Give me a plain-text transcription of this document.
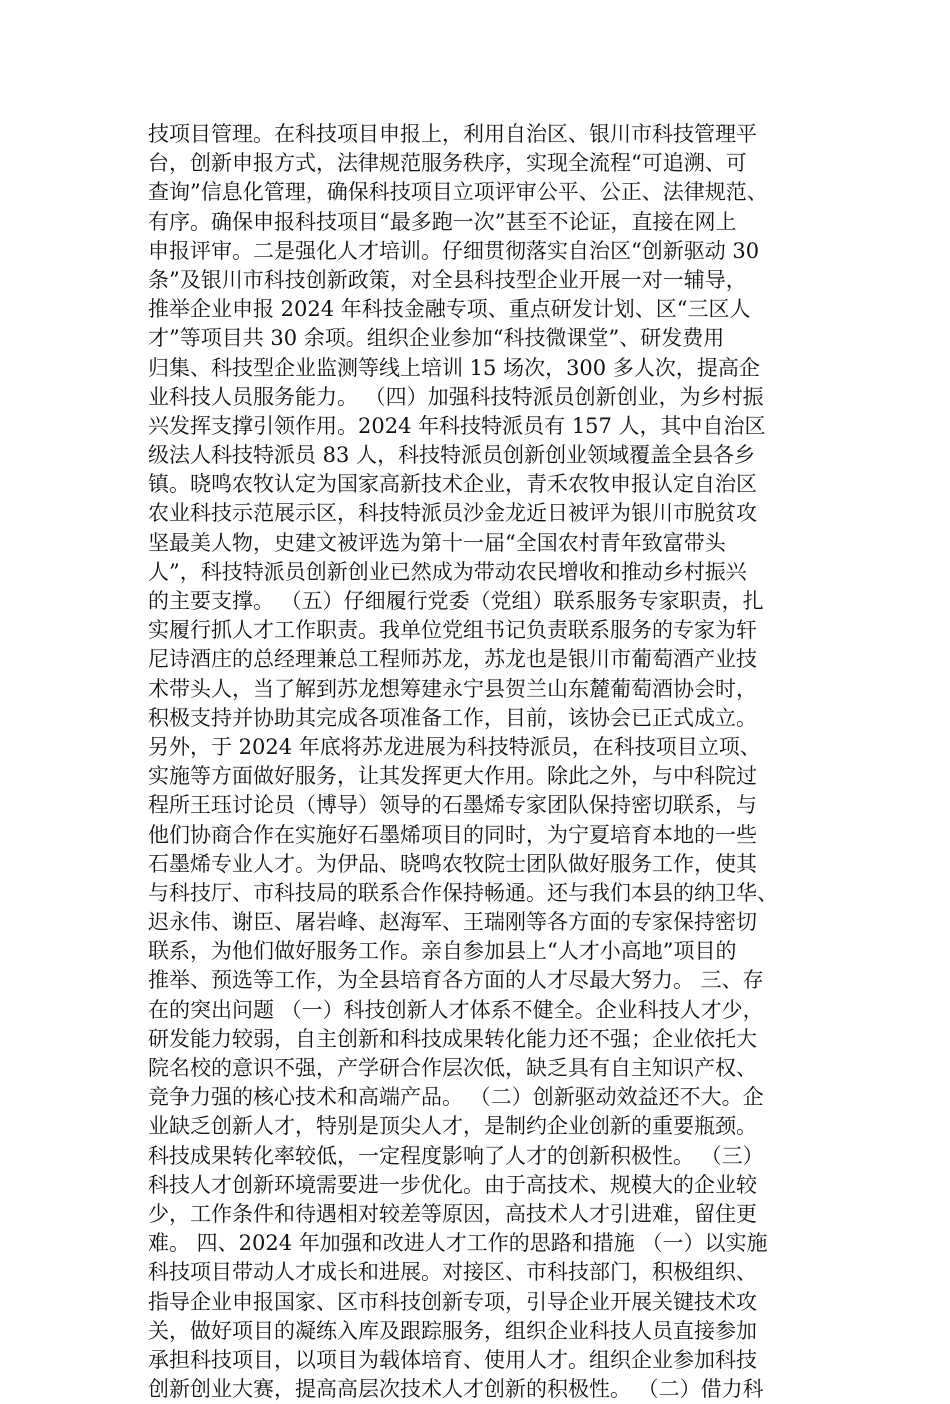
技项目管理。在科技项目申报上，利用自治区、银川市科技管理平
台，创新申报方式，法律规范服务秩序，实现全流程“可追溯、可
查询”信息化管理，确保科技项目立项评审公平、公正、法律规范、
有序。确保申报科技项目“最多跑一次”甚至不论证，直接在网上
申报评审。二是强化人才培训。仔细贯彻落实自治区“创新驱动 30
条”及银川市科技创新政策，对全县科技型企业开展一对一辅导，
推举企业申报 2024 年科技金融专项、重点研发计划、区“三区人
才”等项目共 30 余项。组织企业参加“科技微课堂”、研发费用
归集、科技型企业监测等线上培训 15 场次，300 多人次，提高企
业科技人员服务能力。 （四）加强科技特派员创新创业，为乡村振
兴发挥支撑引领作用。2024 年科技特派员有 157 人，其中自治区
级法人科技特派员 83 人，科技特派员创新创业领域覆盖全县各乡
镇。晓鸣农牧认定为国家高新技术企业，青禾农牧申报认定自治区
农业科技示范展示区，科技特派员沙金龙近日被评为银川市脱贫攻
坚最美人物，史建文被评选为第十一届“全国农村青年致富带头
人”，科技特派员创新创业已然成为带动农民增收和推动乡村振兴
的主要支撑。 （五）仔细履行党委（党组）联系服务专家职责，扎
实履行抓人才工作职责。我单位党组书记负责联系服务的专家为轩
尼诗酒庄的总经理兼总工程师苏龙，苏龙也是银川市葡萄酒产业技
术带头人，当了解到苏龙想筹建永宁县贺兰山东麓葡萄酒协会时，
积极支持并协助其完成各项准备工作，目前，该协会已正式成立。
另外，于 2024 年底将苏龙进展为科技特派员，在科技项目立项、
实施等方面做好服务，让其发挥更大作用。除此之外，与中科院过
程所王珏讨论员（博导）领导的石墨烯专家团队保持密切联系，与
他们协商合作在实施好石墨烯项目的同时，为宁夏培育本地的一些
石墨烯专业人才。为伊品、晓鸣农牧院士团队做好服务工作，使其
与科技厅、市科技局的联系合作保持畅通。还与我们本县的纳卫华、
迟永伟、谢臣、屠岩峰、赵海军、王瑞刚等各方面的专家保持密切
联系，为他们做好服务工作。亲自参加县上“人才小高地”项目的
推举、预选等工作，为全县培育各方面的人才尽最大努力。 三、存
在的突出问题 （一）科技创新人才体系不健全。企业科技人才少，
研发能力较弱，自主创新和科技成果转化能力还不强；企业依托大
院名校的意识不强，产学研合作层次低，缺乏具有自主知识产权、
竞争力强的核心技术和高端产品。 （二）创新驱动效益还不大。企
业缺乏创新人才，特别是顶尖人才，是制约企业创新的重要瓶颈。
科技成果转化率较低，一定程度影响了人才的创新积极性。 （三）
科技人才创新环境需要进一步优化。由于高技术、规模大的企业较
少，工作条件和待遇相对较差等原因，高技术人才引进难，留住更
难。 四、2024 年加强和改进人才工作的思路和措施 （一）以实施
科技项目带动人才成长和进展。对接区、市科技部门，积极组织、
指导企业申报国家、区市科技创新专项，引导企业开展关键技术攻
关，做好项目的凝练入库及跟踪服务，组织企业科技人员直接参加
承担科技项目，以项目为载体培育、使用人才。组织企业参加科技
创新创业大赛，提高高层次技术人才创新的积极性。 （二）借力科
